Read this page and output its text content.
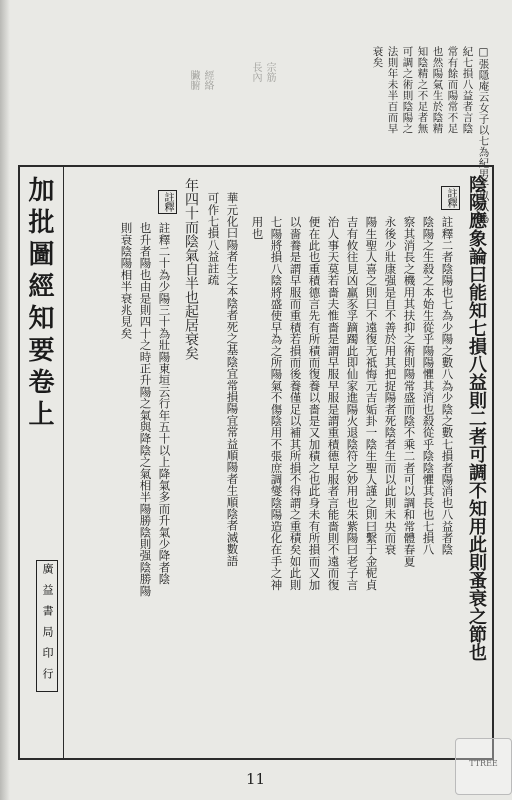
宗筋
長內
經絡
臟腑	□張隱庵云女子以七為紀男子以八為
紀七損八益者言陰
常有餘而陽常不足
也然陽氣生於陰精
知陰精之不足者無
可調之術則陰陽之
法則年未半百而早
衰矣
加批圖經知要卷上
廣益書局印行	陰陽應象論曰能知七損八益則二者可調不知用此則蚤衰之節也
註釋
註釋二者陰陽也七為少陽之數八為少陰之數七損者陽消也八益者陰
陰陽之生殺之本始生從乎陽陽懼其消也殺從乎陰陰懼其長也七損八
察其消長之機用其扶抑之術則陽常盛而陰不乘二者可以調和常體春夏
永後少壯康强是自不善於用其把捉陽者死陰者生而以此則未央而衰
陽生聖人喜之則曰不遠復无祗悔元吉姤卦一陰生聖人謹之則曰繫于金柅貞
吉有攸往見凶羸豕孚蹢躅此即仙家進陽火退陰符之妙用也朱紫陽曰老子言
治人事天莫若嗇夫惟嗇是謂早服早服是謂重積德早服者言能嗇則不遠而復
便在此也重積德言先有所積而復養以嗇是又加積之也此身未有所損而又加
以嗇養是謂早服而重積若損而後養僅足以補其所損不得謂之重積矣如此則
七陽將損八陰將盛使早為之所陽氣不傷陰用不張庶調燮陰陽造化在手之神
用也
華元化曰陽者生之本陰者死之基陰宜常損陽宜常益順陽者生順陰者滅數語
可作七損八益註疏
年四十而陰氣自半也起居衰矣
註釋
註釋二十為少陽三十為壯陽東垣云行年五十以上降氣多而升氣少降者陰
也升者陽也由是則四十之時正升陽之氣與降陰之氣相半陽勝陰則强陰勝陽
則衰陰陽相半衰兆見矣
11
TTREE
